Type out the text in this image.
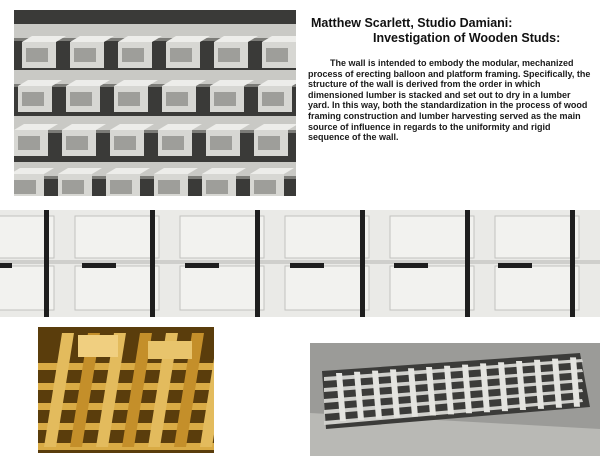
Matthew Scarlett, Studio Damiani:
Investigation of Wooden Studs:

The wall is intended to embody the modular, mechanized process of erecting balloon and platform framing. Specifically, the structure of the wall is derived from the order in which dimensioned lumber is stacked and set out to dry in a lumber yard. In this way, both the standardization in the process of wood framing construction and lumber harvesting served as the main source of influence in regards to the uniformity and rigid sequence of the wall.
